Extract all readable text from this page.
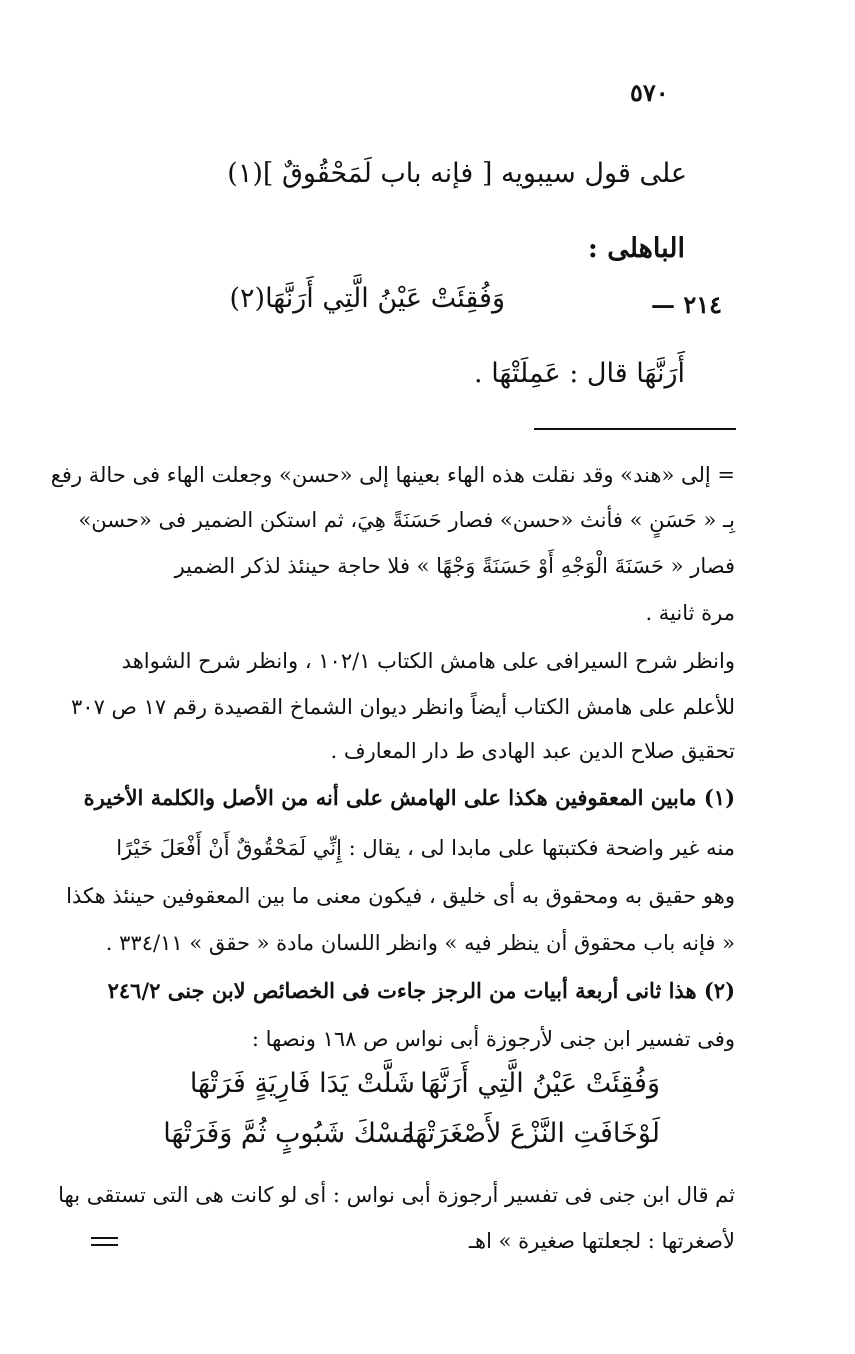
٥٧٠
على قول سيبويه [ فإنه باب لَمَحْقُوقٌ ](١)
الباهلى :
٢١٤ —
وَفُقِئَتْ عَيْنُ الَّتِي أَرَنَّهَا(٢)
أَرَنَّهَا قال : عَمِلَتْهَا .
= إلى «هند» وقد نقلت هذه الهاء بعينها إلى «حسن» وجعلت الهاء فى حالة رفع
بِـ « حَسَنٍ » فأنث «حسن» فصار حَسَنَةً هِيَ، ثم استكن الضمير فى «حسن»
فصار « حَسَنَةَ الْوَجْهِ أَوْ حَسَنَةً وَجْهًا » فلا حاجة حينئذ لذكر الضمير
مرة ثانية .
وانظر شرح السيرافى على هامش الكتاب ١٠٢/١ ، وانظر شرح الشواهد
للأعلم على هامش الكتاب أيضاً وانظر ديوان الشماخ القصيدة رقم ١٧ ص ٣٠٧
تحقيق صلاح الدين عبد الهادى ط دار المعارف .
(١) مابين المعقوفين هكذا على الهامش على أنه من الأصل والكلمة الأخيرة
منه غير واضحة فكتبتها على مابدا لى ، يقال : إِنِّي لَمَحْقُوقٌ أَنْ أَفْعَلَ خَيْرًا
وهو حقيق به ومحقوق به أى خليق ، فيكون معنى ما بين المعقوفين حينئذ هكذا
« فإنه باب محقوق أن ينظر فيه » وانظر اللسان مادة « حقق » ٣٣٤/١١ .
(٢) هذا ثانى أربعة أبيات من الرجز جاءت فى الخصائص لابن جنى ٢٤٦/٢
وفى تفسير ابن جنى لأرجوزة أبى نواس ص ١٦٨ ونصها :
وَفُقِئَتْ عَيْنُ الَّتِي أَرَنَّهَا
شَلَّتْ يَدَا فَارِيَةٍ فَرَتْهَا
لَوْخَافَتِ النَّزْعَ لأَصْغَرَتْهَا
مَسْكَ شَبُوبٍ ثُمَّ وَفَرَتْهَا
ثم قال ابن جنى فى تفسير أرجوزة أبى نواس : أى لو كانت هى التى تستقى بها
لأصغرتها : لجعلتها صغيرة » اهـ
